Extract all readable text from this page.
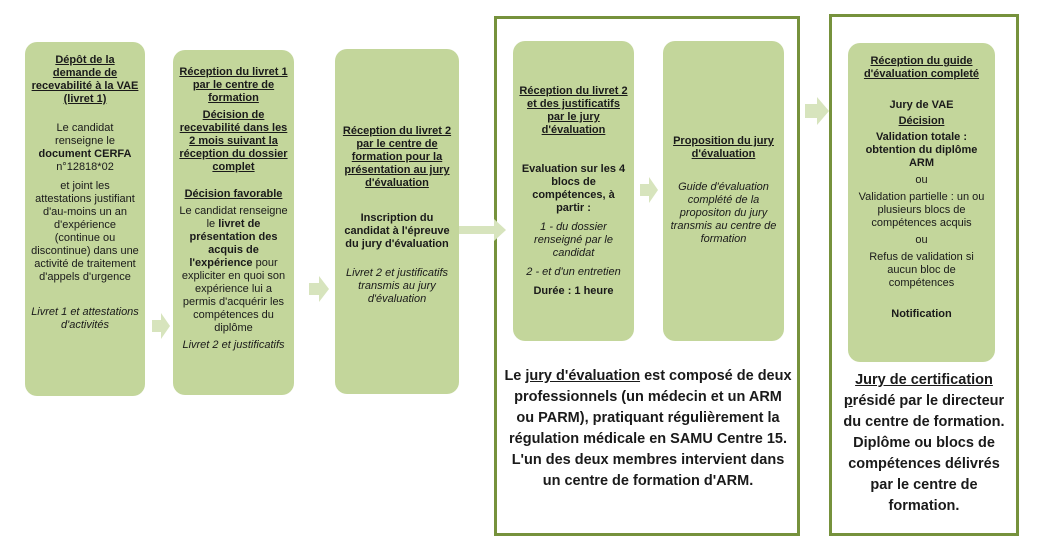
Dépôt de la demande de recevabilité à la VAE (livret 1)

Le candidat renseigne le document CERFA n°12818*02

et joint les attestations justifiant d'au-moins un an d'expérience (continue ou discontinue) dans une activité de traitement d'appels d'urgence

Livret 1 et attestations d'activités

Réception du livret 1 par le centre de formation

Décision de recevabilité dans les 2 mois suivant la réception du dossier complet

Décision favorable

Le candidat renseigne le livret de présentation des acquis de l'expérience pour expliciter en quoi son expérience lui a permis d'acquérir les compétences du diplôme

Livret 2 et justificatifs

Réception du livret 2 par le centre de formation pour la présentation au jury d'évaluation

Inscription du candidat à l'épreuve du jury d'évaluation

Livret 2 et justificatifs transmis au jury d'évaluation

Réception du livret 2 et des justificatifs par le jury d'évaluation

Evaluation sur les 4 blocs de compétences, à partir :

1 - du dossier renseigné par le candidat

2 - et d'un entretien

Durée : 1 heure

Proposition du jury d'évaluation

Guide d'évaluation complété de la propositon du jury transmis au centre de formation

Réception du guide d'évaluation completé

Jury de VAE

Décision

Validation totale : obtention du diplôme ARM

ou

Validation partielle : un ou plusieurs blocs de compétences acquis

ou

Refus de validation si aucun bloc de compétences

Notification

Le jury d'évaluation est composé de deux professionnels (un médecin et un ARM ou PARM), pratiquant régulièrement la régulation médicale en SAMU Centre 15. L'un des deux membres intervient dans un centre de formation d'ARM.
Jury de certification
présidé par le directeur du centre de formation.
Diplôme ou blocs de compétences délivrés par le centre de formation.
